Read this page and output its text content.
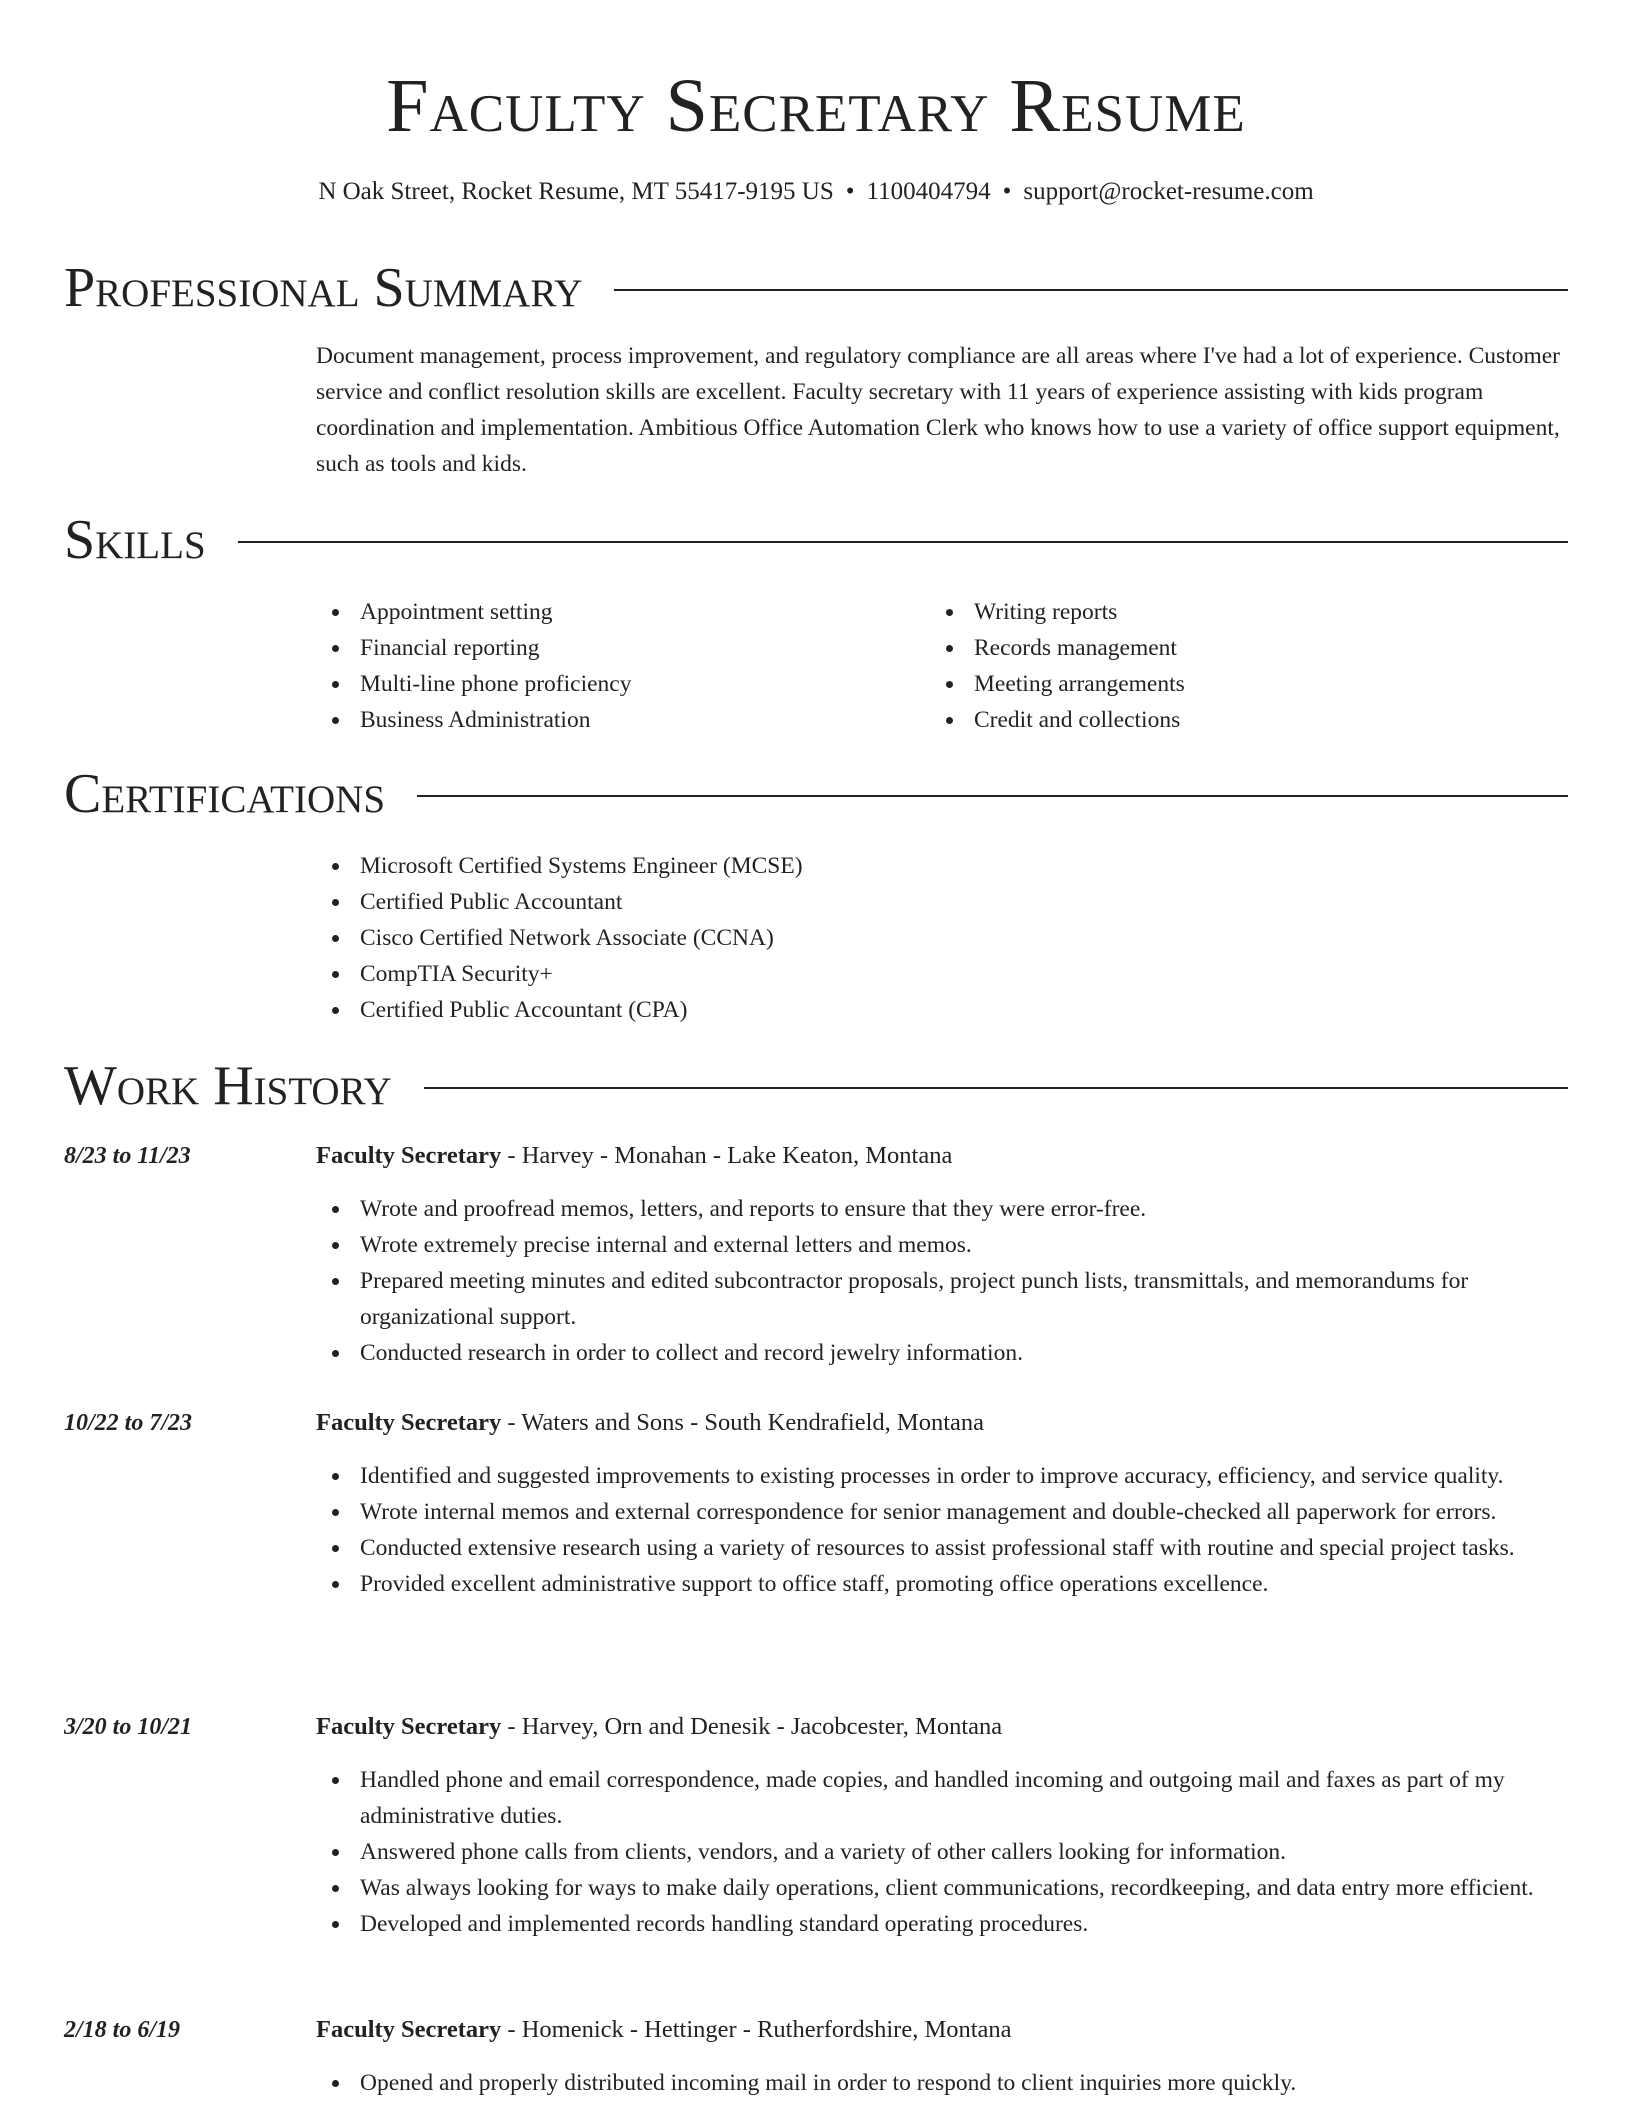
Faculty Secretary Resume
N Oak Street, Rocket Resume, MT 55417-9195 US • 1100404794 • support@rocket-resume.com
Professional Summary

Document management, process improvement, and regulatory compliance are all areas where I've had a lot of experience. Customer service and conflict resolution skills are excellent. Faculty secretary with 11 years of experience assisting with kids program coordination and implementation. Ambitious Office Automation Clerk who knows how to use a variety of office support equipment, such as tools and kids.

Skills
Appointment setting
Financial reporting
Multi-line phone proficiency
Business Administration
Writing reports
Records management
Meeting arrangements
Credit and collections
Certifications
Microsoft Certified Systems Engineer (MCSE)
Certified Public Accountant
Cisco Certified Network Associate (CCNA)
CompTIA Security+
Certified Public Accountant (CPA)
Work History
8/23 to 11/23	Faculty Secretary - Harvey - Monahan - Lake Keaton, Montana
Wrote and proofread memos, letters, and reports to ensure that they were error-free.
Wrote extremely precise internal and external letters and memos.
Prepared meeting minutes and edited subcontractor proposals, project punch lists, transmittals, and memorandums for organizational support.
Conducted research in order to collect and record jewelry information.
10/22 to 7/23	Faculty Secretary - Waters and Sons - South Kendrafield, Montana
Identified and suggested improvements to existing processes in order to improve accuracy, efficiency, and service quality.
Wrote internal memos and external correspondence for senior management and double-checked all paperwork for errors.
Conducted extensive research using a variety of resources to assist professional staff with routine and special project tasks.
Provided excellent administrative support to office staff, promoting office operations excellence.
3/20 to 10/21	Faculty Secretary - Harvey, Orn and Denesik - Jacobcester, Montana
Handled phone and email correspondence, made copies, and handled incoming and outgoing mail and faxes as part of my administrative duties.
Answered phone calls from clients, vendors, and a variety of other callers looking for information.
Was always looking for ways to make daily operations, client communications, recordkeeping, and data entry more efficient.
Developed and implemented records handling standard operating procedures.
2/18 to 6/19	Faculty Secretary - Homenick - Hettinger - Rutherfordshire, Montana
Opened and properly distributed incoming mail in order to respond to client inquiries more quickly.
